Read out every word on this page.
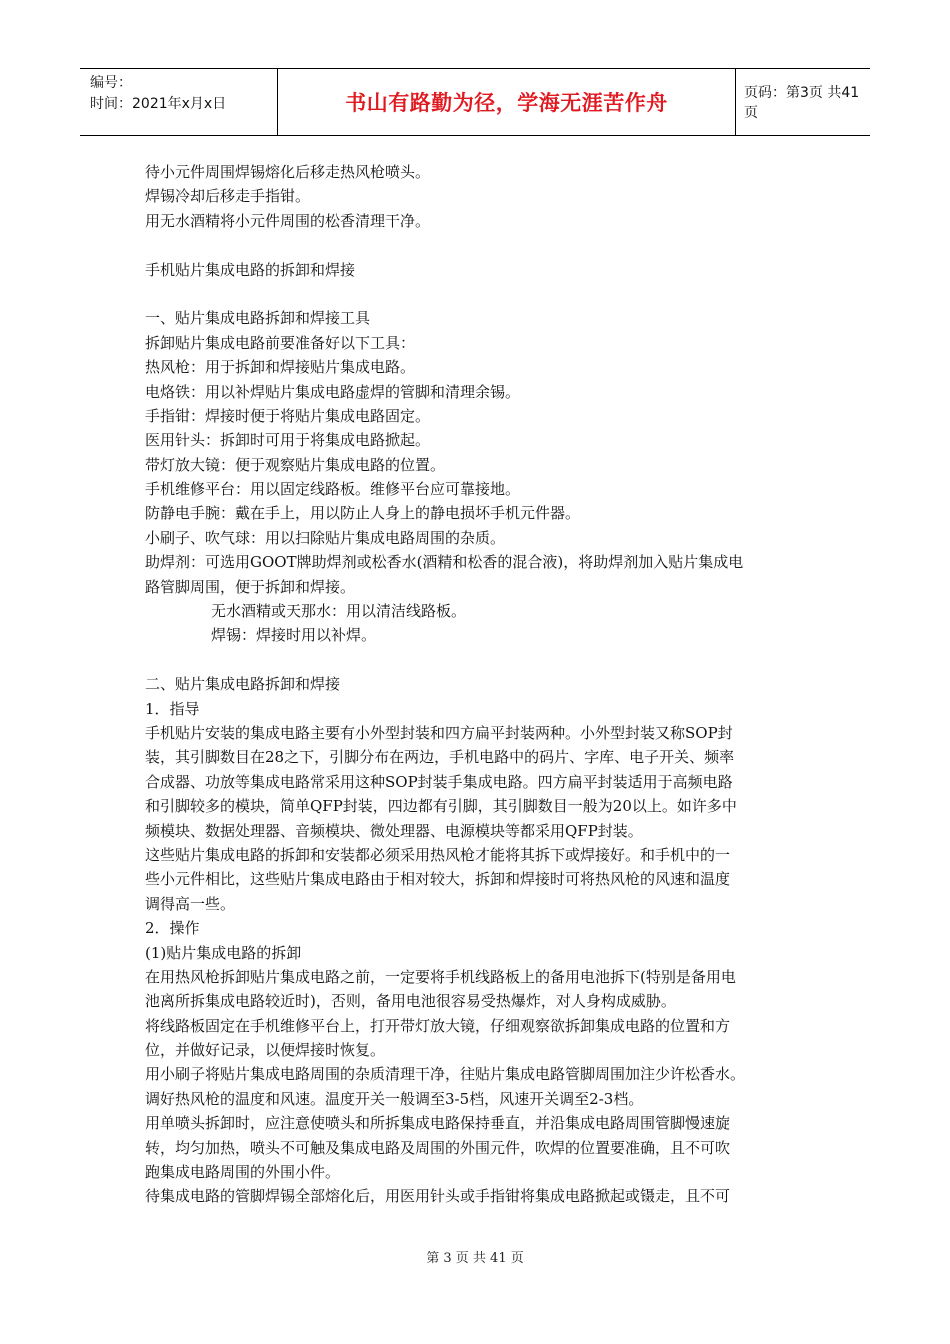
编号：
时间：2021年x月x日	书山有路勤为径，学海无涯苦作舟	页码：第3页 共41页
待小元件周围焊锡熔化后移走热风枪喷头。
焊锡冷却后移走手指钳。
用无水酒精将小元件周围的松香清理干净。
手机贴片集成电路的拆卸和焊接
一、贴片集成电路拆卸和焊接工具
拆卸贴片集成电路前要准备好以下工具：
热风枪：用于拆卸和焊接贴片集成电路。
电烙铁：用以补焊贴片集成电路虚焊的管脚和清理余锡。
手指钳：焊接时便于将贴片集成电路固定。
医用针头：拆卸时可用于将集成电路掀起。
带灯放大镜：便于观察贴片集成电路的位置。
手机维修平台：用以固定线路板。维修平台应可靠接地。
防静电手腕：戴在手上，用以防止人身上的静电损坏手机元件器。
小刷子、吹气球：用以扫除贴片集成电路周围的杂质。
助焊剂：可选用GOOT牌助焊剂或松香水(酒精和松香的混合液)，将助焊剂加入贴片集成电
路管脚周围，便于拆卸和焊接。
无水酒精或天那水：用以清洁线路板。
焊锡：焊接时用以补焊。
二、贴片集成电路拆卸和焊接
1．指导
手机贴片安装的集成电路主要有小外型封装和四方扁平封装两种。小外型封装又称SOP封
装，其引脚数目在28之下，引脚分布在两边，手机电路中的码片、字库、电子开关、频率
合成器、功放等集成电路常采用这种SOP封装手集成电路。四方扁平封装适用于高频电路
和引脚较多的模块，简单QFP封装，四边都有引脚，其引脚数目一般为20以上。如许多中
频模块、数据处理器、音频模块、微处理器、电源模块等都采用QFP封装。
这些贴片集成电路的拆卸和安装都必须采用热风枪才能将其拆下或焊接好。和手机中的一
些小元件相比，这些贴片集成电路由于相对较大，拆卸和焊接时可将热风枪的风速和温度
调得高一些。
2．操作
(1)贴片集成电路的拆卸
在用热风枪拆卸贴片集成电路之前，一定要将手机线路板上的备用电池拆下(特别是备用电
池离所拆集成电路较近时)，否则，备用电池很容易受热爆炸，对人身构成威胁。
将线路板固定在手机维修平台上，打开带灯放大镜，仔细观察欲拆卸集成电路的位置和方
位，并做好记录，以便焊接时恢复。
用小刷子将贴片集成电路周围的杂质清理干净，往贴片集成电路管脚周围加注少许松香水。
调好热风枪的温度和风速。温度开关一般调至3-5档，风速开关调至2-3档。
用单喷头拆卸时，应注意使喷头和所拆集成电路保持垂直，并沿集成电路周围管脚慢速旋
转，均匀加热，喷头不可触及集成电路及周围的外围元件，吹焊的位置要准确，且不可吹
跑集成电路周围的外围小件。
待集成电路的管脚焊锡全部熔化后，用医用针头或手指钳将集成电路掀起或镊走，且不可
第 3 页 共 41 页
